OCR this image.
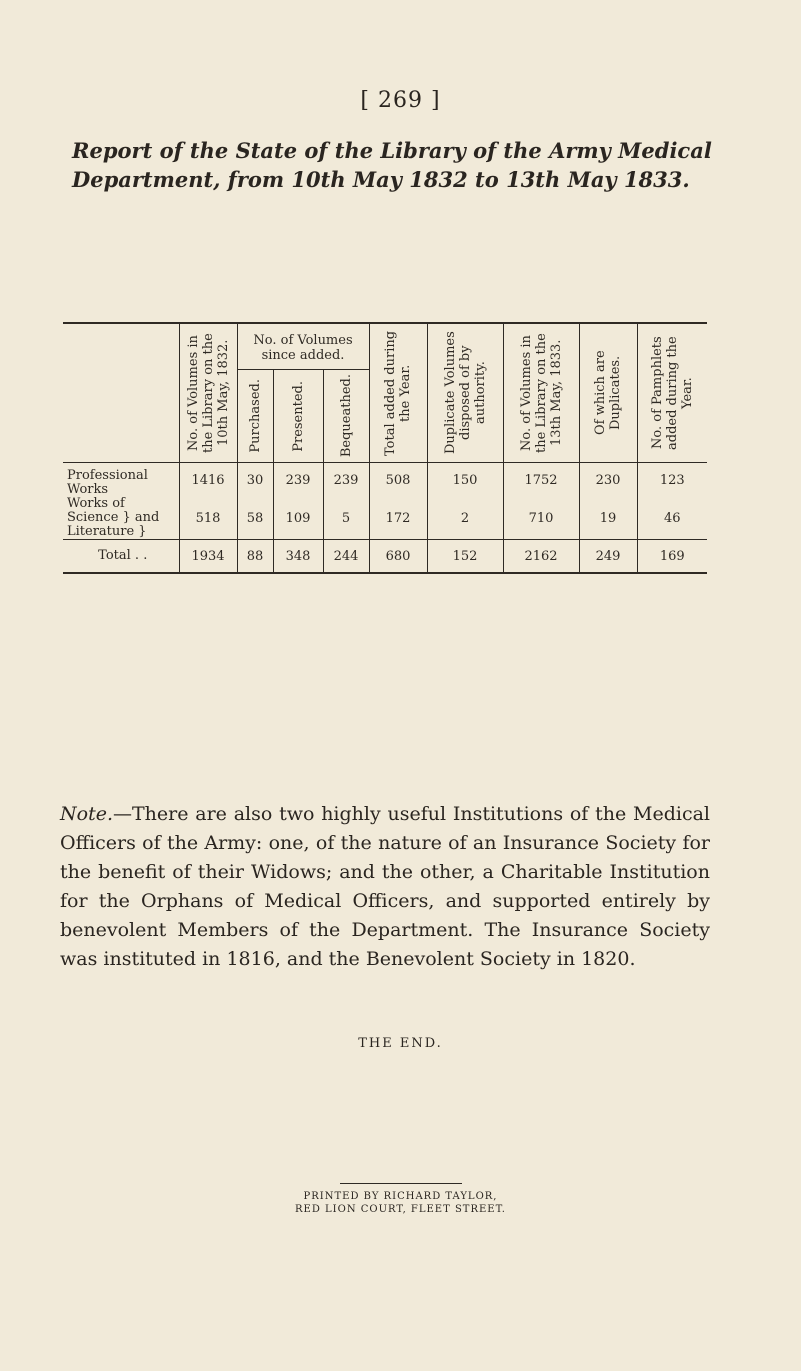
[ 269 ]
Report of the State of the Library of the Army Medical Department, from 10th May 1832 to 13th May 1833.

	No. of Volumes in the Library on the 10th May, 1832.	No. of Volumes since added.			Total added during the Year.	Duplicate Volumes disposed of by authority.	No. of Volumes in the Library on the 13th May, 1833.	Of which are Duplicates.	No. of Pamphlets added during the Year.

		Purchased.	Presented.	Bequeathed.					

Professional Works	1416	30	239	239	508	150	1752	230	123
Works of Science } and Literature }	518	58	109	5	172	2	710	19	46
Total . .	1934	88	348	244	680	152	2162	249	169
Note.—There are also two highly useful Institutions of the Medical Officers of the Army: one, of the nature of an Insurance Society for the benefit of their Widows; and the other, a Charitable Institution for the Orphans of Medical Officers, and supported entirely by benevolent Members of the Department. The Insurance Society was instituted in 1816, and the Benevolent Society in 1820.
THE END.
PRINTED BY RICHARD TAYLOR,
RED LION COURT, FLEET STREET.
